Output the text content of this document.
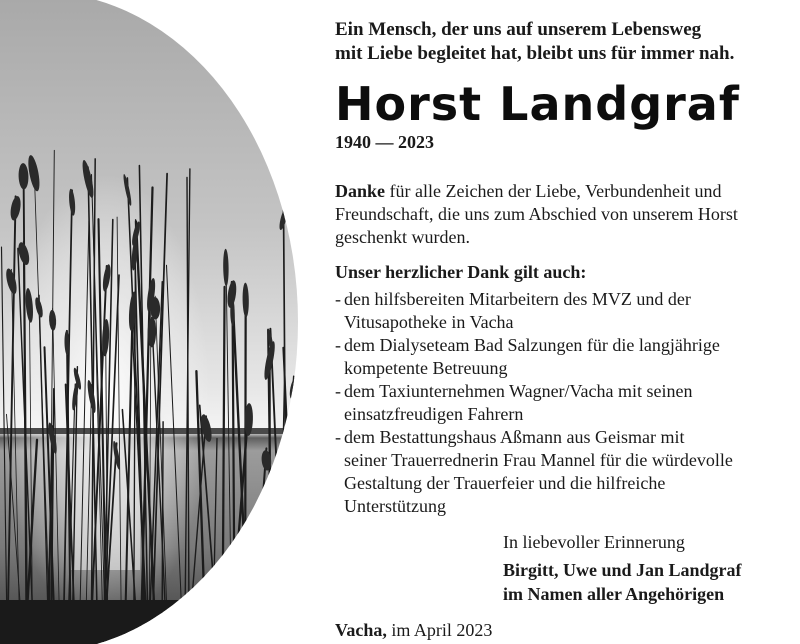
Ein Mensch, der uns auf unserem Lebensweg
mit Liebe begleitet hat, bleibt uns für immer nah.

Horst Landgraf

1940 — 2023

Danke für alle Zeichen der Liebe, Verbundenheit und Freundschaft, die uns zum Abschied von unserem Horst geschenkt wurden.

Unser herzlicher Dank gilt auch:

- den hilfsbereiten Mitarbeitern des MVZ und der
Vitusapotheke in Vacha
- dem Dialyseteam Bad Salzungen für die langjährige
kompetente Betreuung
- dem Taxiunternehmen Wagner/Vacha mit seinen
einsatzfreudigen Fahrern
- dem Bestattungshaus Aßmann aus Geismar mit
seiner Trauerrednerin Frau Mannel für die würdevolle
Gestaltung der Trauerfeier und die hilfreiche
Unterstützung

In liebevoller Erinnerung

Birgitt, Uwe und Jan Landgraf
im Namen aller Angehörigen

Vacha, im April 2023
